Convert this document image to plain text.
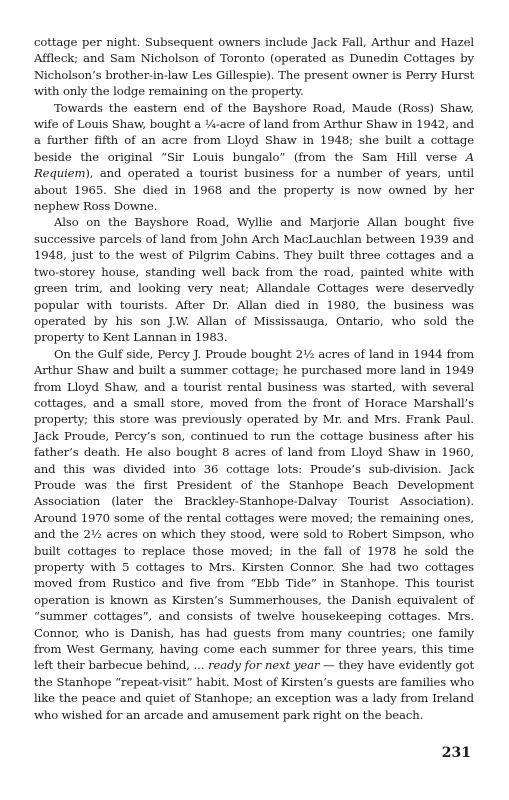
cottage per night. Subsequent owners include Jack Fall, Arthur and Hazel Affleck; and Sam Nicholson of Toronto (operated as Dunedin Cottages by Nicholson’s brother-in-law Les Gillespie). The present owner is Perry Hurst with only the lodge remaining on the property.

Towards the eastern end of the Bayshore Road, Maude (Ross) Shaw, wife of Louis Shaw, bought a ¼-acre of land from Arthur Shaw in 1942, and a further fifth of an acre from Lloyd Shaw in 1948; she built a cottage beside the original “Sir Louis bungalo” (from the Sam Hill verse A Requiem), and operated a tourist business for a number of years, until about 1965. She died in 1968 and the property is now owned by her nephew Ross Downe.

Also on the Bayshore Road, Wyllie and Marjorie Allan bought five successive parcels of land from John Arch MacLauchlan between 1939 and 1948, just to the west of Pilgrim Cabins. They built three cottages and a two-storey house, standing well back from the road, painted white with green trim, and looking very neat; Allandale Cottages were deservedly popular with tourists. After Dr. Allan died in 1980, the business was operated by his son J.W. Allan of Mississauga, Ontario, who sold the property to Kent Lannan in 1983.

On the Gulf side, Percy J. Proude bought 2½ acres of land in 1944 from Arthur Shaw and built a summer cottage; he purchased more land in 1949 from Lloyd Shaw, and a tourist rental business was started, with several cottages, and a small store, moved from the front of Horace Marshall’s property; this store was previously operated by Mr. and Mrs. Frank Paul. Jack Proude, Percy’s son, continued to run the cottage business after his father’s death. He also bought 8 acres of land from Lloyd Shaw in 1960, and this was divided into 36 cottage lots: Proude’s sub-division. Jack Proude was the first President of the Stanhope Beach Development Association (later the Brackley-Stanhope-Dalvay Tourist Association). Around 1970 some of the rental cottages were moved; the remaining ones, and the 2½ acres on which they stood, were sold to Robert Simpson, who built cottages to replace those moved; in the fall of 1978 he sold the property with 5 cottages to Mrs. Kirsten Connor. She had two cottages moved from Rustico and five from “Ebb Tide” in Stanhope. This tourist operation is known as Kirsten’s Summerhouses, the Danish equivalent of “summer cottages”, and consists of twelve housekeeping cottages. Mrs. Connor, who is Danish, has had guests from many countries; one family from West Germany, having come each summer for three years, this time left their barbecue behind, ... ready for next year — they have evidently got the Stanhope “repeat-visit” habit. Most of Kirsten’s guests are families who like the peace and quiet of Stanhope; an exception was a lady from Ireland who wished for an arcade and amusement park right on the beach.

231
